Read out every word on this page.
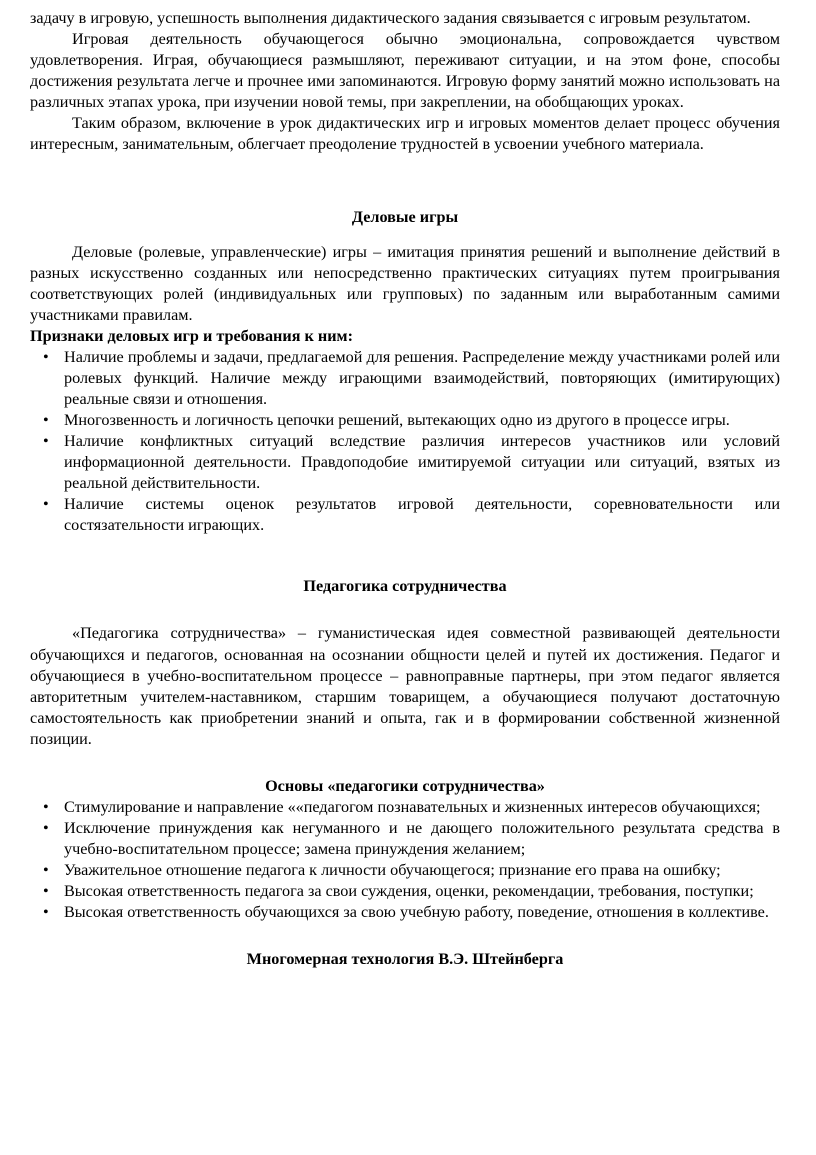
задачу в игровую, успешность выполнения дидактического задания связывается с игровым результатом.

Игровая деятельность обучающегося обычно эмоциональна, сопровождается чувством удовлетворения. Играя, обучающиеся размышляют, переживают ситуации, и на этом фоне, способы достижения результата легче и прочнее ими запоминаются. Игровую форму занятий можно использовать на различных этапах урока, при изучении новой темы, при закреплении, на обобщающих уроках.

Таким образом, включение в урок дидактических игр и игровых моментов делает процесс обучения интересным, занимательным, облегчает преодоление трудностей в усвоении учебного материала.

Деловые игры

Деловые (ролевые, управленческие) игры – имитация принятия решений и выполнение действий в разных искусственно созданных или непосредственно практических ситуациях путем проигрывания соответствующих ролей (индивидуальных или групповых) по заданным или выработанным самими участниками правилам.

Признаки деловых игр и требования к ним:

• Наличие проблемы и задачи, предлагаемой для решения. Распределение между участниками ролей или ролевых функций. Наличие между играющими взаимодействий, повторяющих (имитирующих) реальные связи и отношения.
• Многозвенность и логичность цепочки решений, вытекающих одно из другого в процессе игры.
• Наличие конфликтных ситуаций вследствие различия интересов участников или условий информационной деятельности. Правдоподобие имитируемой ситуации или ситуаций, взятых из реальной действительности.
• Наличие системы оценок результатов игровой деятельности, соревновательности или состязательности играющих.

Педагогика сотрудничества

«Педагогика сотрудничества» – гуманистическая идея совместной развивающей деятельности обучающихся и педагогов, основанная на осознании общности целей и путей их достижения. Педагог и обучающиеся в учебно-воспитательном процессе – равноправные партнеры, при этом педагог является авторитетным учителем-наставником, старшим товарищем, а обучающиеся получают достаточную самостоятельность как приобретении знаний и опыта, гак и в формировании собственной жизненной позиции.

Основы «педагогики сотрудничества»

• Стимулирование и направление ««педагогом познавательных и жизненных интересов обучающихся;
• Исключение принуждения как негуманного и не дающего положительного результата средства в учебно-воспитательном процессе; замена принуждения желанием;
• Уважительное отношение педагога к личности обучающегося; признание его права на ошибку;
• Высокая ответственность педагога за свои суждения, оценки, рекомендации, требования, поступки;
• Высокая ответственность обучающихся за свою учебную работу, поведение, отношения в коллективе.

Многомерная технология В.Э. Штейнберга
